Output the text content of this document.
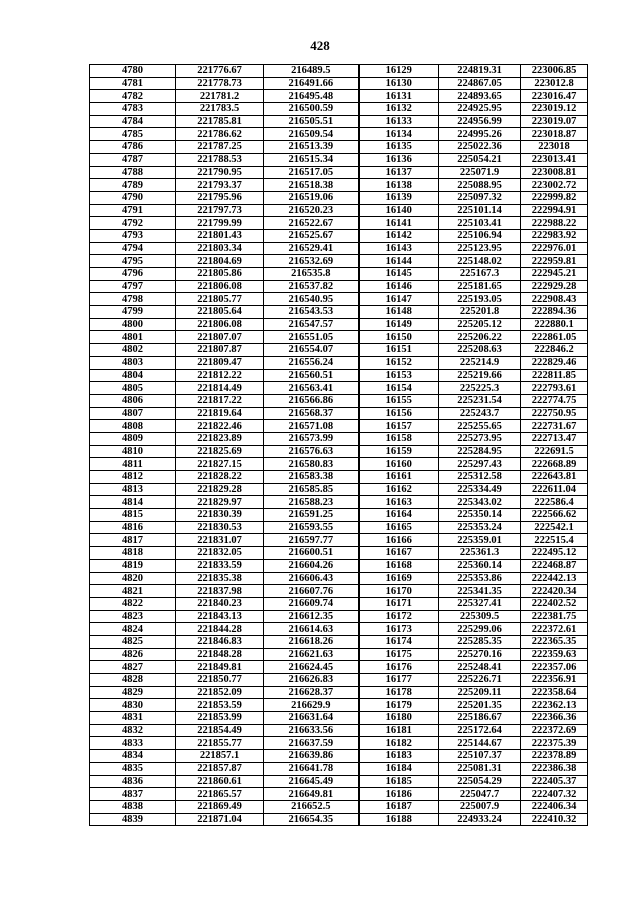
428
4780	221776.67	216489.5	16129	224819.31	223006.85
4781	221778.73	216491.66	16130	224867.05	223012.8
4782	221781.2	216495.48	16131	224893.65	223016.47
4783	221783.5	216500.59	16132	224925.95	223019.12
4784	221785.81	216505.51	16133	224956.99	223019.07
4785	221786.62	216509.54	16134	224995.26	223018.87
4786	221787.25	216513.39	16135	225022.36	223018
4787	221788.53	216515.34	16136	225054.21	223013.41
4788	221790.95	216517.05	16137	225071.9	223008.81
4789	221793.37	216518.38	16138	225088.95	223002.72
4790	221795.96	216519.06	16139	225097.32	222999.82
4791	221797.73	216520.23	16140	225101.14	222994.91
4792	221799.99	216522.67	16141	225103.41	222988.22
4793	221801.43	216525.67	16142	225106.94	222983.92
4794	221803.34	216529.41	16143	225123.95	222976.01
4795	221804.69	216532.69	16144	225148.02	222959.81
4796	221805.86	216535.8	16145	225167.3	222945.21
4797	221806.08	216537.82	16146	225181.65	222929.28
4798	221805.77	216540.95	16147	225193.05	222908.43
4799	221805.64	216543.53	16148	225201.8	222894.36
4800	221806.08	216547.57	16149	225205.12	222880.1
4801	221807.07	216551.05	16150	225206.22	222861.05
4802	221807.87	216554.07	16151	225208.63	222846.2
4803	221809.47	216556.24	16152	225214.9	222829.46
4804	221812.22	216560.51	16153	225219.66	222811.85
4805	221814.49	216563.41	16154	225225.3	222793.61
4806	221817.22	216566.86	16155	225231.54	222774.75
4807	221819.64	216568.37	16156	225243.7	222750.95
4808	221822.46	216571.08	16157	225255.65	222731.67
4809	221823.89	216573.99	16158	225273.95	222713.47
4810	221825.69	216576.63	16159	225284.95	222691.5
4811	221827.15	216580.83	16160	225297.43	222668.89
4812	221828.22	216583.38	16161	225312.58	222643.81
4813	221829.28	216585.85	16162	225334.49	222611.04
4814	221829.97	216588.23	16163	225343.02	222586.4
4815	221830.39	216591.25	16164	225350.14	222566.62
4816	221830.53	216593.55	16165	225353.24	222542.1
4817	221831.07	216597.77	16166	225359.01	222515.4
4818	221832.05	216600.51	16167	225361.3	222495.12
4819	221833.59	216604.26	16168	225360.14	222468.87
4820	221835.38	216606.43	16169	225353.86	222442.13
4821	221837.98	216607.76	16170	225341.35	222420.34
4822	221840.23	216609.74	16171	225327.41	222402.52
4823	221843.13	216612.35	16172	225309.5	222381.75
4824	221844.28	216614.63	16173	225299.06	222372.61
4825	221846.83	216618.26	16174	225285.35	222365.35
4826	221848.28	216621.63	16175	225270.16	222359.63
4827	221849.81	216624.45	16176	225248.41	222357.06
4828	221850.77	216626.83	16177	225226.71	222356.91
4829	221852.09	216628.37	16178	225209.11	222358.64
4830	221853.59	216629.9	16179	225201.35	222362.13
4831	221853.99	216631.64	16180	225186.67	222366.36
4832	221854.49	216633.56	16181	225172.64	222372.69
4833	221855.77	216637.59	16182	225144.67	222375.39
4834	221857.1	216639.86	16183	225107.37	222378.89
4835	221857.87	216641.78	16184	225081.31	222386.38
4836	221860.61	216645.49	16185	225054.29	222405.37
4837	221865.57	216649.81	16186	225047.7	222407.32
4838	221869.49	216652.5	16187	225007.9	222406.34
4839	221871.04	216654.35	16188	224933.24	222410.32
